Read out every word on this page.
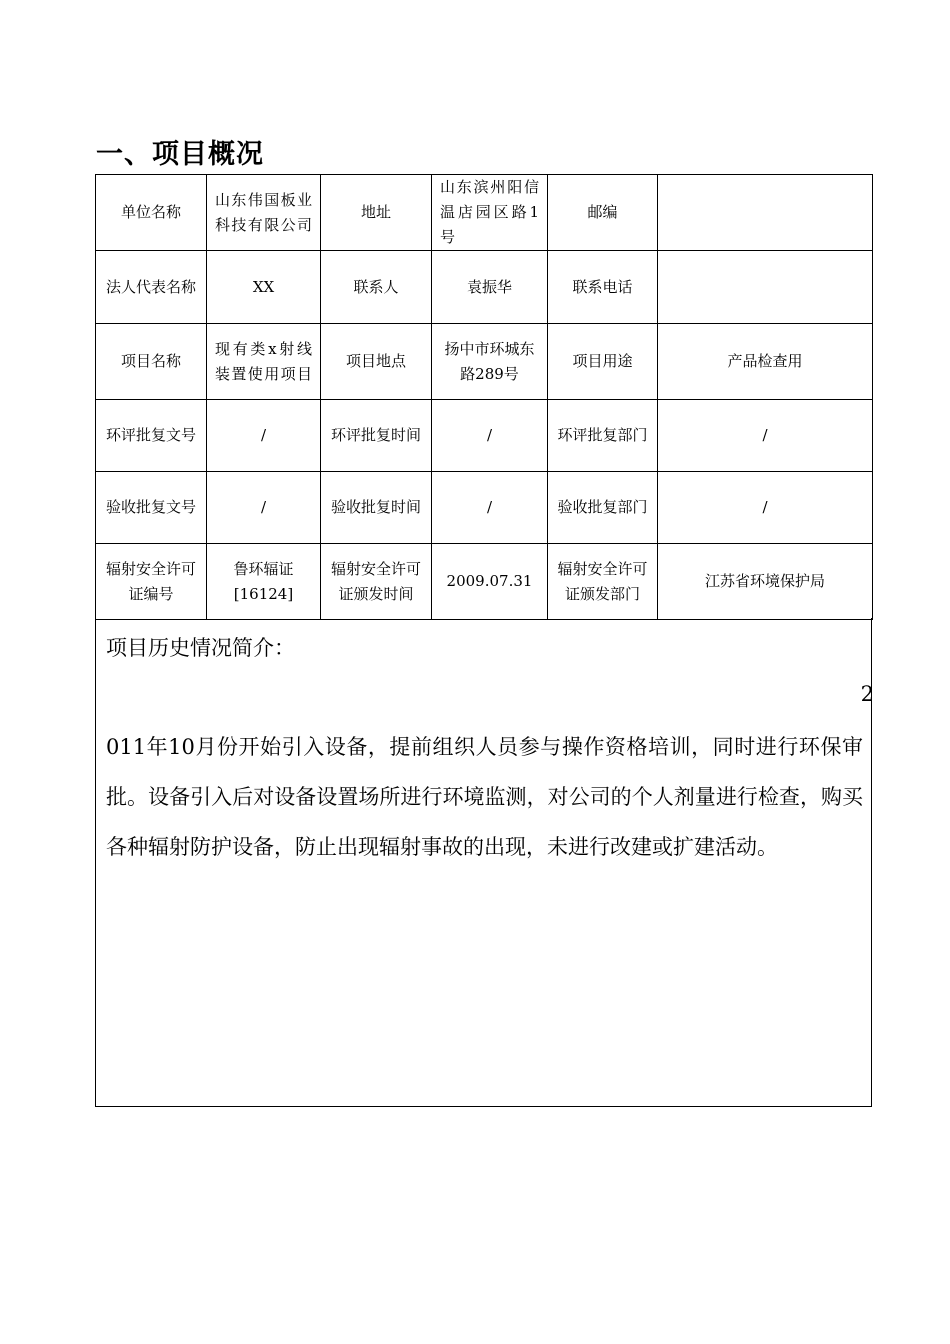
一、项目概况
单位名称	山东伟国板业科技有限公司	地址	山东滨州阳信温店园区路1号	邮编	
法人代表名称	XX	联系人	袁振华	联系电话	
项目名称	现有类x射线装置使用项目	项目地点	扬中市环城东路289号	项目用途	产品检查用
环评批复文号	/	环评批复时间	/	环评批复部门	/
验收批复文号	/	验收批复时间	/	验收批复部门	/
辐射安全许可证编号	鲁环辐证[16124]	辐射安全许可证颁发时间	2009.07.31	辐射安全许可证颁发部门	江苏省环境保护局
项目历史情况简介：
2
011年10月份开始引入设备，提前组织人员参与操作资格培训，同时进行环保审批。设备引入后对设备设置场所进行环境监测，对公司的个人剂量进行检查，购买各种辐射防护设备，防止出现辐射事故的出现，未进行改建或扩建活动。
